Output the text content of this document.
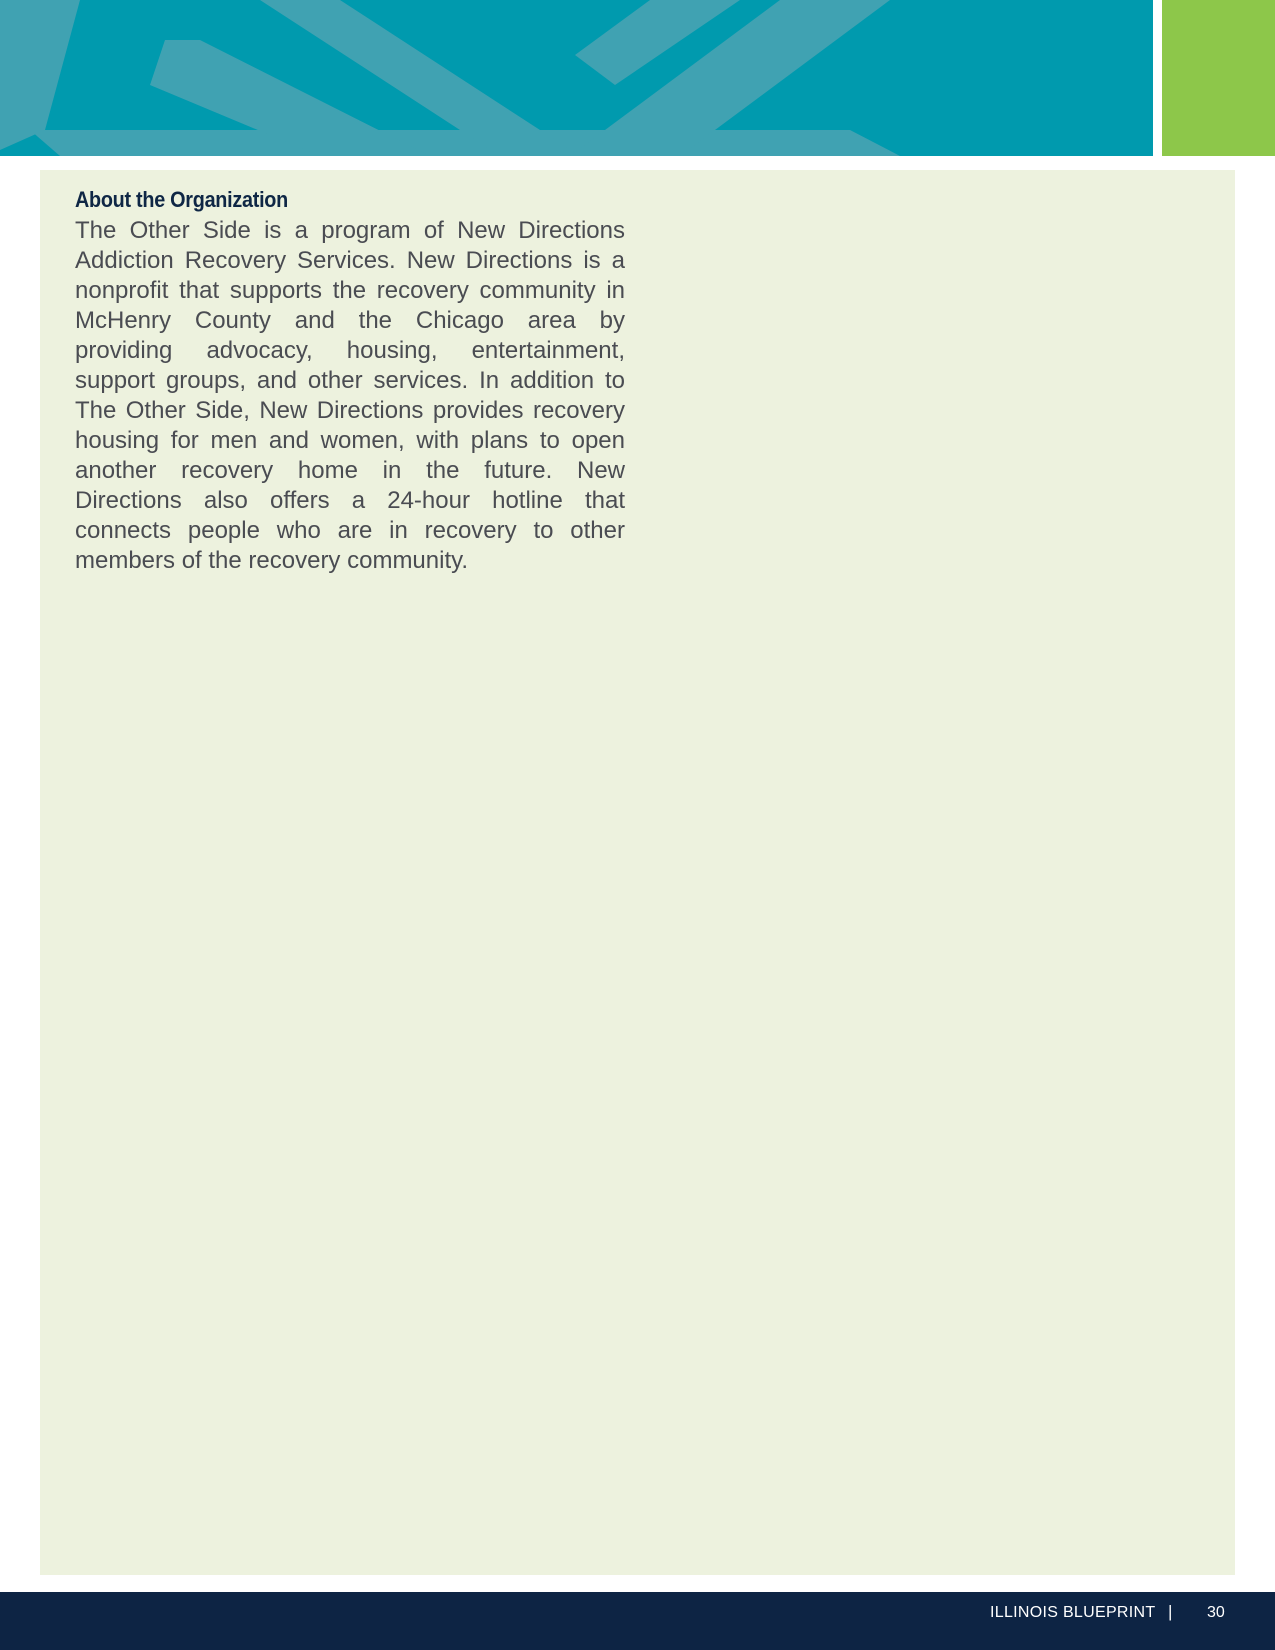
About the Organization

The Other Side is a program of New Directions Addiction Recovery Services. New Directions is a nonprofit that supports the recovery community in McHenry County and the Chicago area by providing advocacy, housing, entertainment, support groups, and other services. In addition to The Other Side, New Directions provides recovery housing for men and women, with plans to open another recovery home in the future. New Directions also offers a 24-hour hotline that connects people who are in recovery to other members of the recovery community.

ILLINOIS BLUEPRINT | 30
